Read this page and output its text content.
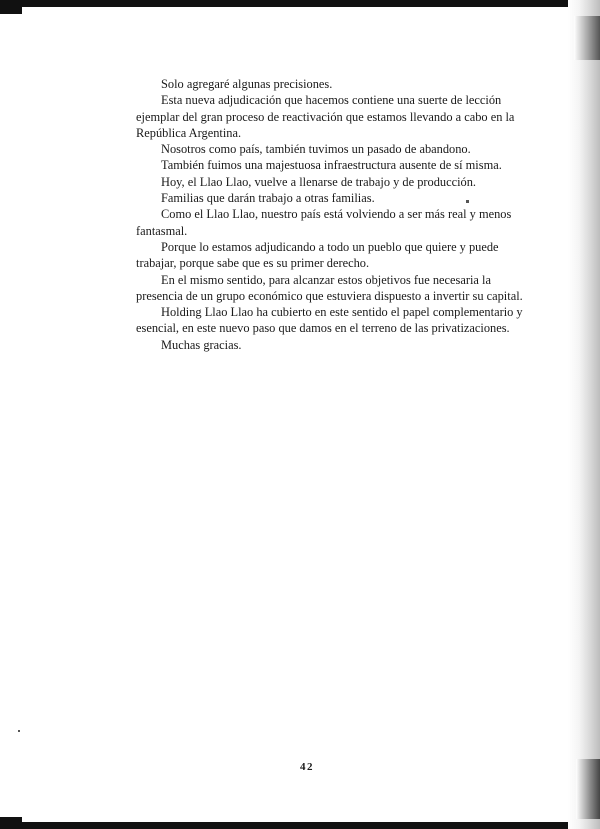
Solo agregaré algunas precisiones.

Esta nueva adjudicación que hacemos contiene una suerte de lección ejemplar del gran proceso de reactivación que estamos llevando a cabo en la República Argentina.

Nosotros como país, también tuvimos un pasado de abandono.

También fuimos una majestuosa infraestructura ausente de sí misma.

Hoy, el Llao Llao, vuelve a llenarse de trabajo y de producción.

Familias que darán trabajo a otras familias.

Como el Llao Llao, nuestro país está volviendo a ser más real y menos fantasmal.

Porque lo estamos adjudicando a todo un pueblo que quiere y puede trabajar, porque sabe que es su primer derecho.

En el mismo sentido, para alcanzar estos objetivos fue necesaria la presencia de un grupo económico que estuviera dispuesto a invertir su capital.

Holding Llao Llao ha cubierto en este sentido el papel complementario y esencial, en este nuevo paso que damos en el terreno de las privatizaciones.

Muchas gracias.

42
